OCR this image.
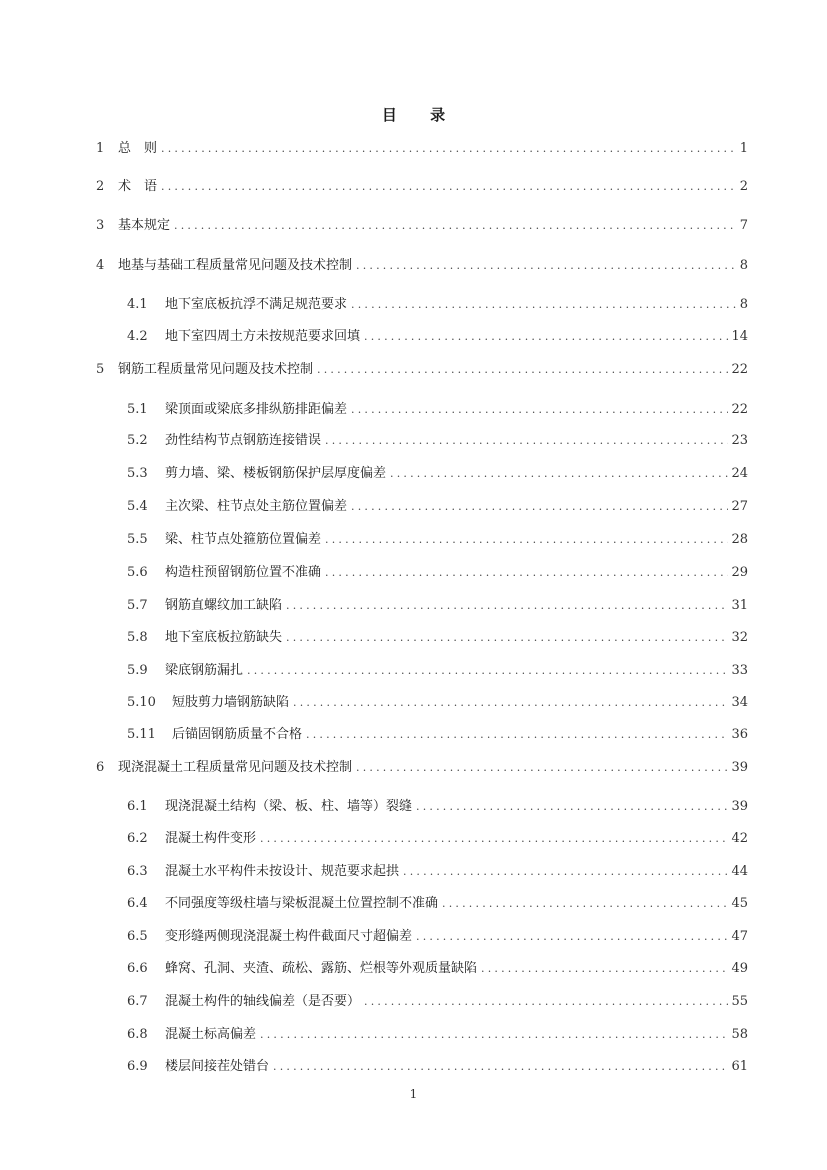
目 录
1	总　则 .....	1
2	术　语 .....	2
3	基本规定 .....	7
4	地基与基础工程质量常见问题及技术控制 .....	8
4.1	地下室底板抗浮不满足规范要求 .....	8
4.2	地下室四周土方未按规范要求回填 .....	14
5	钢筋工程质量常见问题及技术控制 .....	22
5.1	梁顶面或梁底多排纵筋排距偏差 .....	22
5.2	劲性结构节点钢筋连接错误 .....	23
5.3	剪力墙、梁、楼板钢筋保护层厚度偏差 .....	24
5.4	主次梁、柱节点处主筋位置偏差 .....	27
5.5	梁、柱节点处箍筋位置偏差 .....	28
5.6	构造柱预留钢筋位置不准确 .....	29
5.7	钢筋直螺纹加工缺陷 .....	31
5.8	地下室底板拉筋缺失 .....	32
5.9	梁底钢筋漏扎 .....	33
5.10	短肢剪力墙钢筋缺陷 .....	34
5.11	后锚固钢筋质量不合格 .....	36
6	现浇混凝土工程质量常见问题及技术控制 .....	39
6.1	现浇混凝土结构（梁、板、柱、墙等）裂缝 .....	39
6.2	混凝土构件变形 .....	42
6.3	混凝土水平构件未按设计、规范要求起拱 .....	44
6.4	不同强度等级柱墙与梁板混凝土位置控制不准确 .....	45
6.5	变形缝两侧现浇混凝土构件截面尺寸超偏差 .....	47
6.6	蜂窝、孔洞、夹渣、疏松、露筋、烂根等外观质量缺陷 .....	49
6.7	混凝土构件的轴线偏差（是否要） .....	55
6.8	混凝土标高偏差 .....	58
6.9	楼层间接茬处错台 .....	61
1
